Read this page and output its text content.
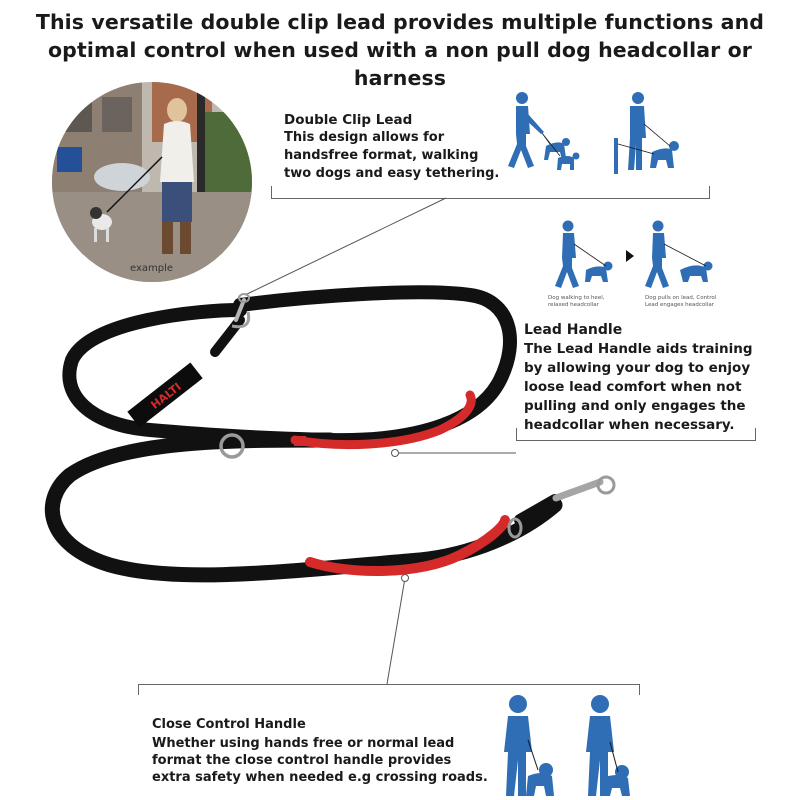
This versatile double clip lead provides multiple functions and
optimal control when used with a non pull dog headcollar or harness
example
Double Clip Lead
This design allows for
handsfree format, walking
two dogs and easy tethering.
Dog walking to heel, relaxed headcollar
Dog pulls on lead, Control Lead engages headcollar
Lead Handle
The Lead Handle aids training
by allowing your dog to enjoy
loose lead comfort when not
pulling and only engages the
headcollar when necessary.
HALTI
Close Control Handle
Whether using hands free or normal lead
format the close control handle provides
extra safety when needed e.g crossing roads.
